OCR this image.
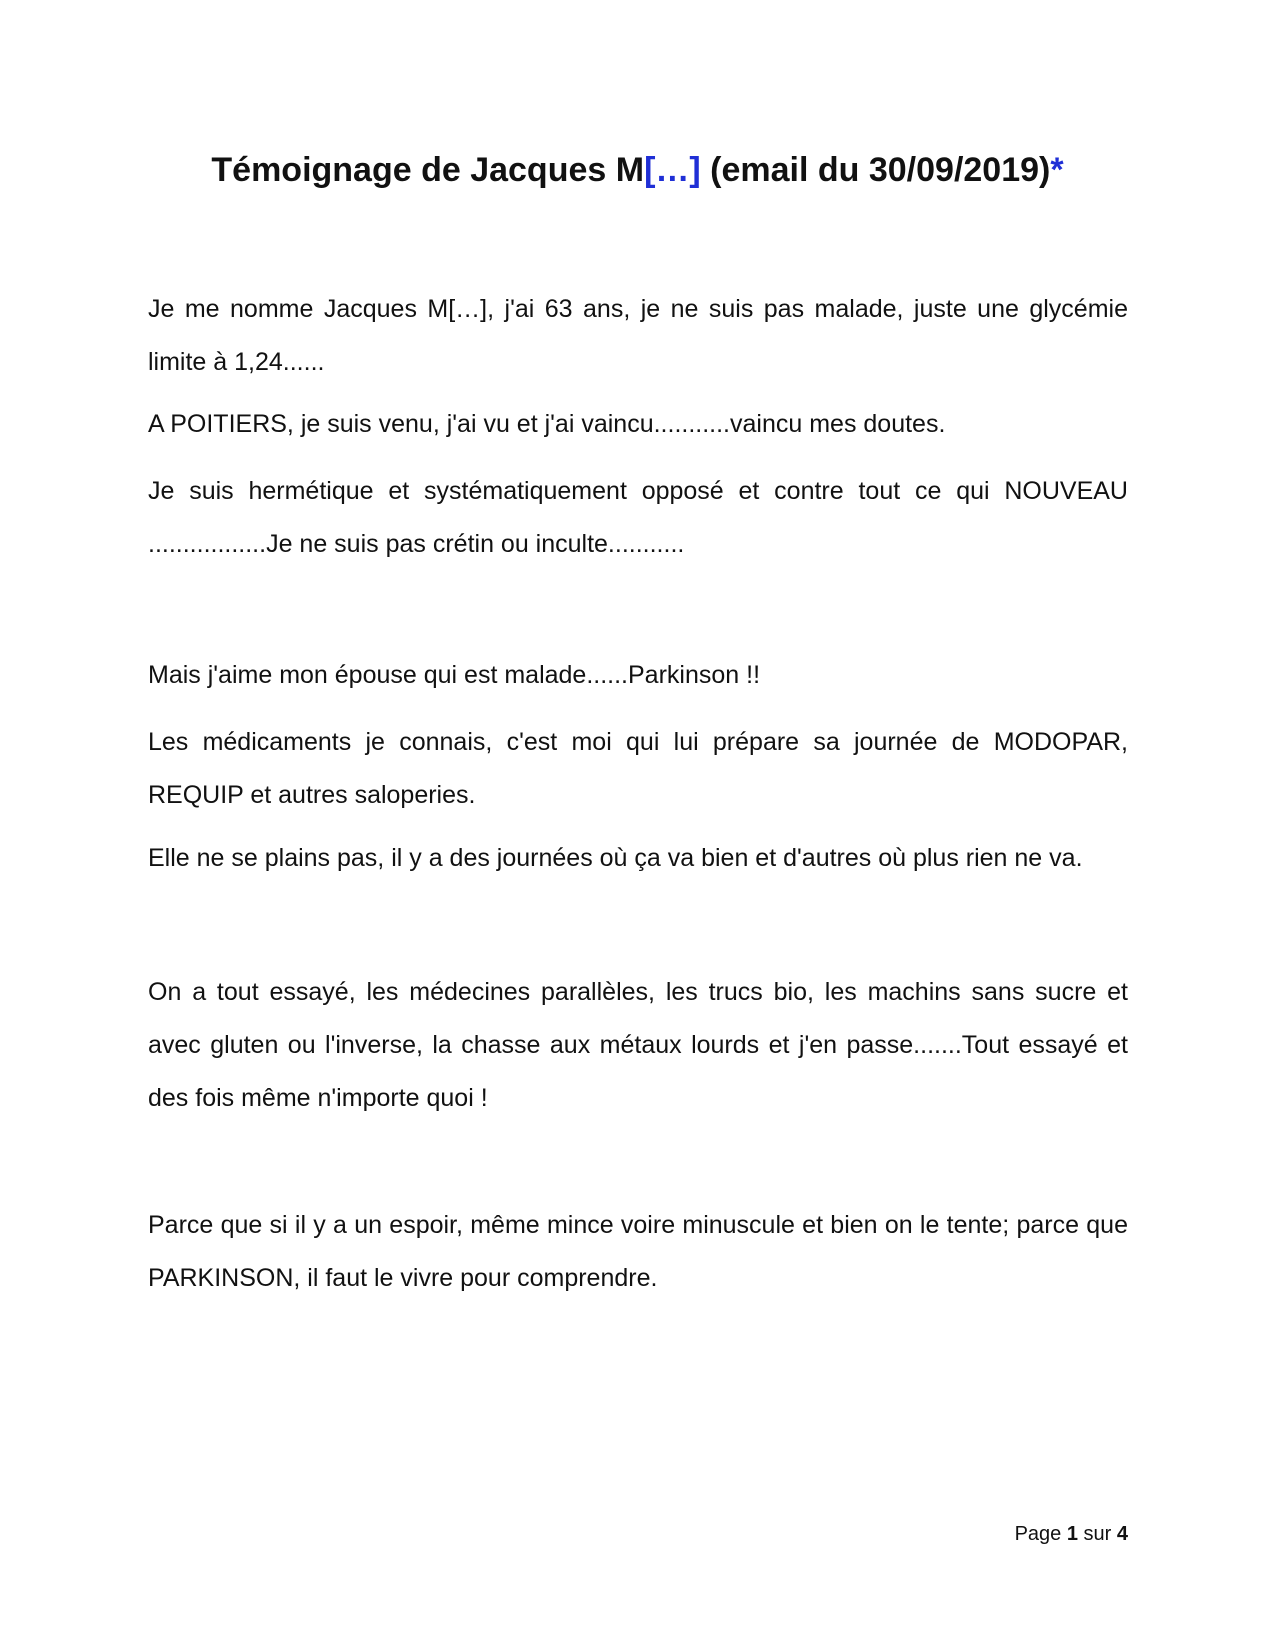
Témoignage de Jacques M[…] (email du 30/09/2019)*

Je me nomme Jacques M[…], j'ai 63 ans, je ne suis pas malade, juste une glycémie limite à 1,24......

A POITIERS, je suis venu, j'ai vu et j'ai vaincu...........vaincu mes doutes.

Je suis hermétique et systématiquement opposé et contre tout ce qui NOUVEAU .................Je ne suis pas crétin ou inculte...........

Mais j'aime mon épouse qui est malade......Parkinson !!

Les médicaments je connais, c'est moi qui lui prépare sa journée de MODOPAR, REQUIP et autres saloperies.

Elle ne se plains pas, il y a des journées où ça va bien et d'autres où plus rien ne va.

On a tout essayé, les médecines parallèles, les trucs bio, les machins sans sucre et avec gluten ou l'inverse, la chasse aux métaux lourds et j'en passe.......Tout essayé et des fois même n'importe quoi !

Parce que si il y a un espoir, même mince voire minuscule et bien on le tente; parce que PARKINSON, il faut le vivre pour comprendre.

Page 1 sur 4
